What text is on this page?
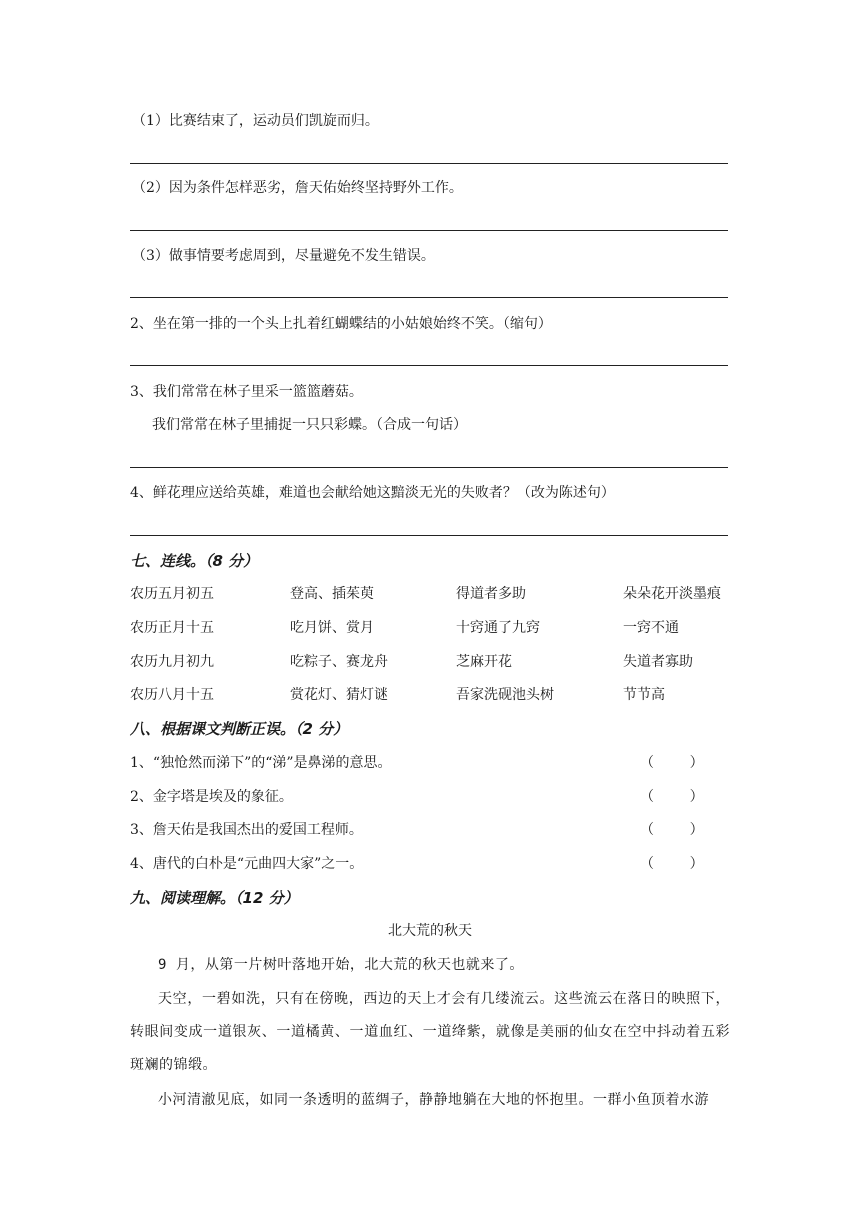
（1）比赛结束了，运动员们凯旋而归。
（2）因为条件怎样恶劣，詹天佑始终坚持野外工作。
（3）做事情要考虑周到，尽量避免不发生错误。
2、坐在第一排的一个头上扎着红蝴蝶结的小姑娘始终不笑。（缩句）
3、我们常常在林子里采一篮篮蘑菇。
我们常常在林子里捕捉一只只彩蝶。（合成一句话）
4、鲜花理应送给英雄，难道也会献给她这黯淡无光的失败者？（改为陈述句）
七、连线。（8 分）
农历五月初五	登高、插茱萸	得道者多助	朵朵花开淡墨痕
农历正月十五	吃月饼、赏月	十窍通了九窍	一窍不通
农历九月初九	吃粽子、赛龙舟	芝麻开花	失道者寡助
农历八月十五	赏花灯、猜灯谜	吾家洗砚池头树	节节高
八、根据课文判断正误。（2 分）
1、“独怆然而涕下”的“涕”是鼻涕的意思。	（        ）
2、金字塔是埃及的象征。	（        ）
3、詹天佑是我国杰出的爱国工程师。	（        ）
4、唐代的白朴是“元曲四大家”之一。	（        ）
九、阅读理解。（12 分）
北大荒的秋天
9 月，从第一片树叶落地开始，北大荒的秋天也就来了。
天空，一碧如洗，只有在傍晚，西边的天上才会有几缕流云。这些流云在落日的映照下，转眼间变成一道银灰、一道橘黄、一道血红、一道绛紫，就像是美丽的仙女在空中抖动着五彩斑斓的锦缎。
小河清澈见底，如同一条透明的蓝绸子，静静地躺在大地的怀抱里。一群小鱼顶着水游
